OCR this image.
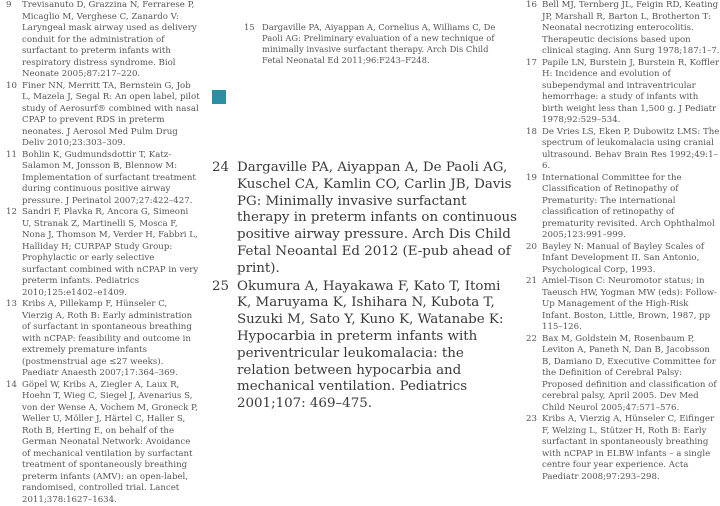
9	Trevisanuto D, Grazzina N, Ferrarese P, Micaglio M, Verghese C, Zanardo V: Laryngeal mask airway used as delivery conduit for the administration of surfactant to preterm infants with respiratory distress syndrome. Biol Neonate 2005;87:217–220.
10 Finer NN, Merritt TA, Bernstein G, Job L, Mazela J, Segal R: An open label, pilot study of Aerosurf® combined with nasal CPAP to prevent RDS in preterm neonates. J Aerosol Med Pulm Drug Deliv 2010;23:303–309.
11 Bohlin K, Gudmundsdottir T, Katz-Salamon M, Jonsson B, Blennow M: Implementation of surfactant treatment during continuous positive airway pressure. J Perinatol 2007;27:422–427.
12 Sandri F, Plavka R, Ancora G, Simeoni U, Stranak Z, Martinelli S, Mosca F, Nona J, Thomson M, Verder H, Fabbri L, Halliday H; CURPAP Study Group: Prophylactic or early selective surfactant combined with nCPAP in very preterm infants. Pediatrics 2010;125:e1402–e1409.
13 Kribs A, Pillekamp F, Hünseler C, Vierzig A, Roth B: Early administration of surfactant in spontaneous breathing with nCPAP: feasibility and outcome in extremely premature infants (postmenstrual age ≤27 weeks). Paediatr Anaesth 2007;17:364–369.
14 Göpel W, Kribs A, Ziegler A, Laux R, Hoehn T, Wieg C, Siegel J, Avenarius S, von der Wense A, Vochem M, Groneck P, Weller U, Möller J, Härtel C, Haller S, Roth B, Herting E, on behalf of the German Neonatal Network: Avoidance of mechanical ventilation by surfactant treatment of spontaneously breathing preterm infants (AMV): an open-label, randomised, controlled trial. Lancet 2011;378:1627–1634.
15 Dargaville PA, Aiyappan A, Cornelius A, Williams C, De Paoli AG: Preliminary evaluation of a new technique of minimally invasive surfactant therapy. Arch Dis Child Fetal Neonatal Ed 2011;96:F243–F248.
24 Dargaville PA, Aiyappan A, De Paoli AG, Kuschel CA, Kamlin CO, Carlin JB, Davis PG: Minimally invasive surfactant therapy in preterm infants on continuous positive airway pressure. Arch Dis Child Fetal Neoantal Ed 2012 (E-pub ahead of print).
25 Okumura A, Hayakawa F, Kato T, Itomi K, Maruyama K, Ishihara N, Kubota T, Suzuki M, Sato Y, Kuno K, Watanabe K: Hypocarbia in preterm infants with periventricular leukomalacia: the relation between hypocarbia and mechanical ventilation. Pediatrics 2001;107: 469–475.
16 Bell MJ, Ternberg JL, Feigin RD, Keating JP, Marshall R, Barton L, Brotherton T: Neonatal necrotizing enterocolitis. Therapeutic decisions based upon clinical staging. Ann Surg 1978;187:1–7.
17 Papile LN, Burstein J, Burstein R, Koffler H: Incidence and evolution of subependymal and intraventricular hemorrhage: a study of infants with birth weight less than 1,500 g. J Pediatr 1978;92:529–534.
18 De Vries LS, Eken P, Dubowitz LMS: The spectrum of leukomalacia using cranial ultrasound. Behav Brain Res 1992;49:1–6.
19 International Committee for the Classification of Retinopathy of Prematurity: The international classification of retinopathy of prematurity revisited. Arch Ophthalmol 2005;123:991–999.
20 Bayley N: Manual of Bayley Scales of Infant Development II. San Antonio, Psychological Corp, 1993.
21 Amiel-Tison C: Neuromotor status; in Taeusch HW, Yogman MW (eds): Follow-Up Management of the High-Risk Infant. Boston, Little, Brown, 1987, pp 115–126.
22 Bax M, Goldstein M, Rosenbaum P, Leviton A, Paneth N, Dan B, Jacobsson B, Damiano D, Executive Committee for the Definition of Cerebral Palsy: Proposed definition and classification of cerebral palsy, April 2005. Dev Med Child Neurol 2005;47:571–576.
23 Kribs A, Vierzig A, Hünseler C, Eifinger F, Welzing L, Stützer H, Roth B: Early surfactant in spontaneously breathing with nCPAP in ELBW infants – a single centre four year experience. Acta Paediatr 2008;97:293–298.
